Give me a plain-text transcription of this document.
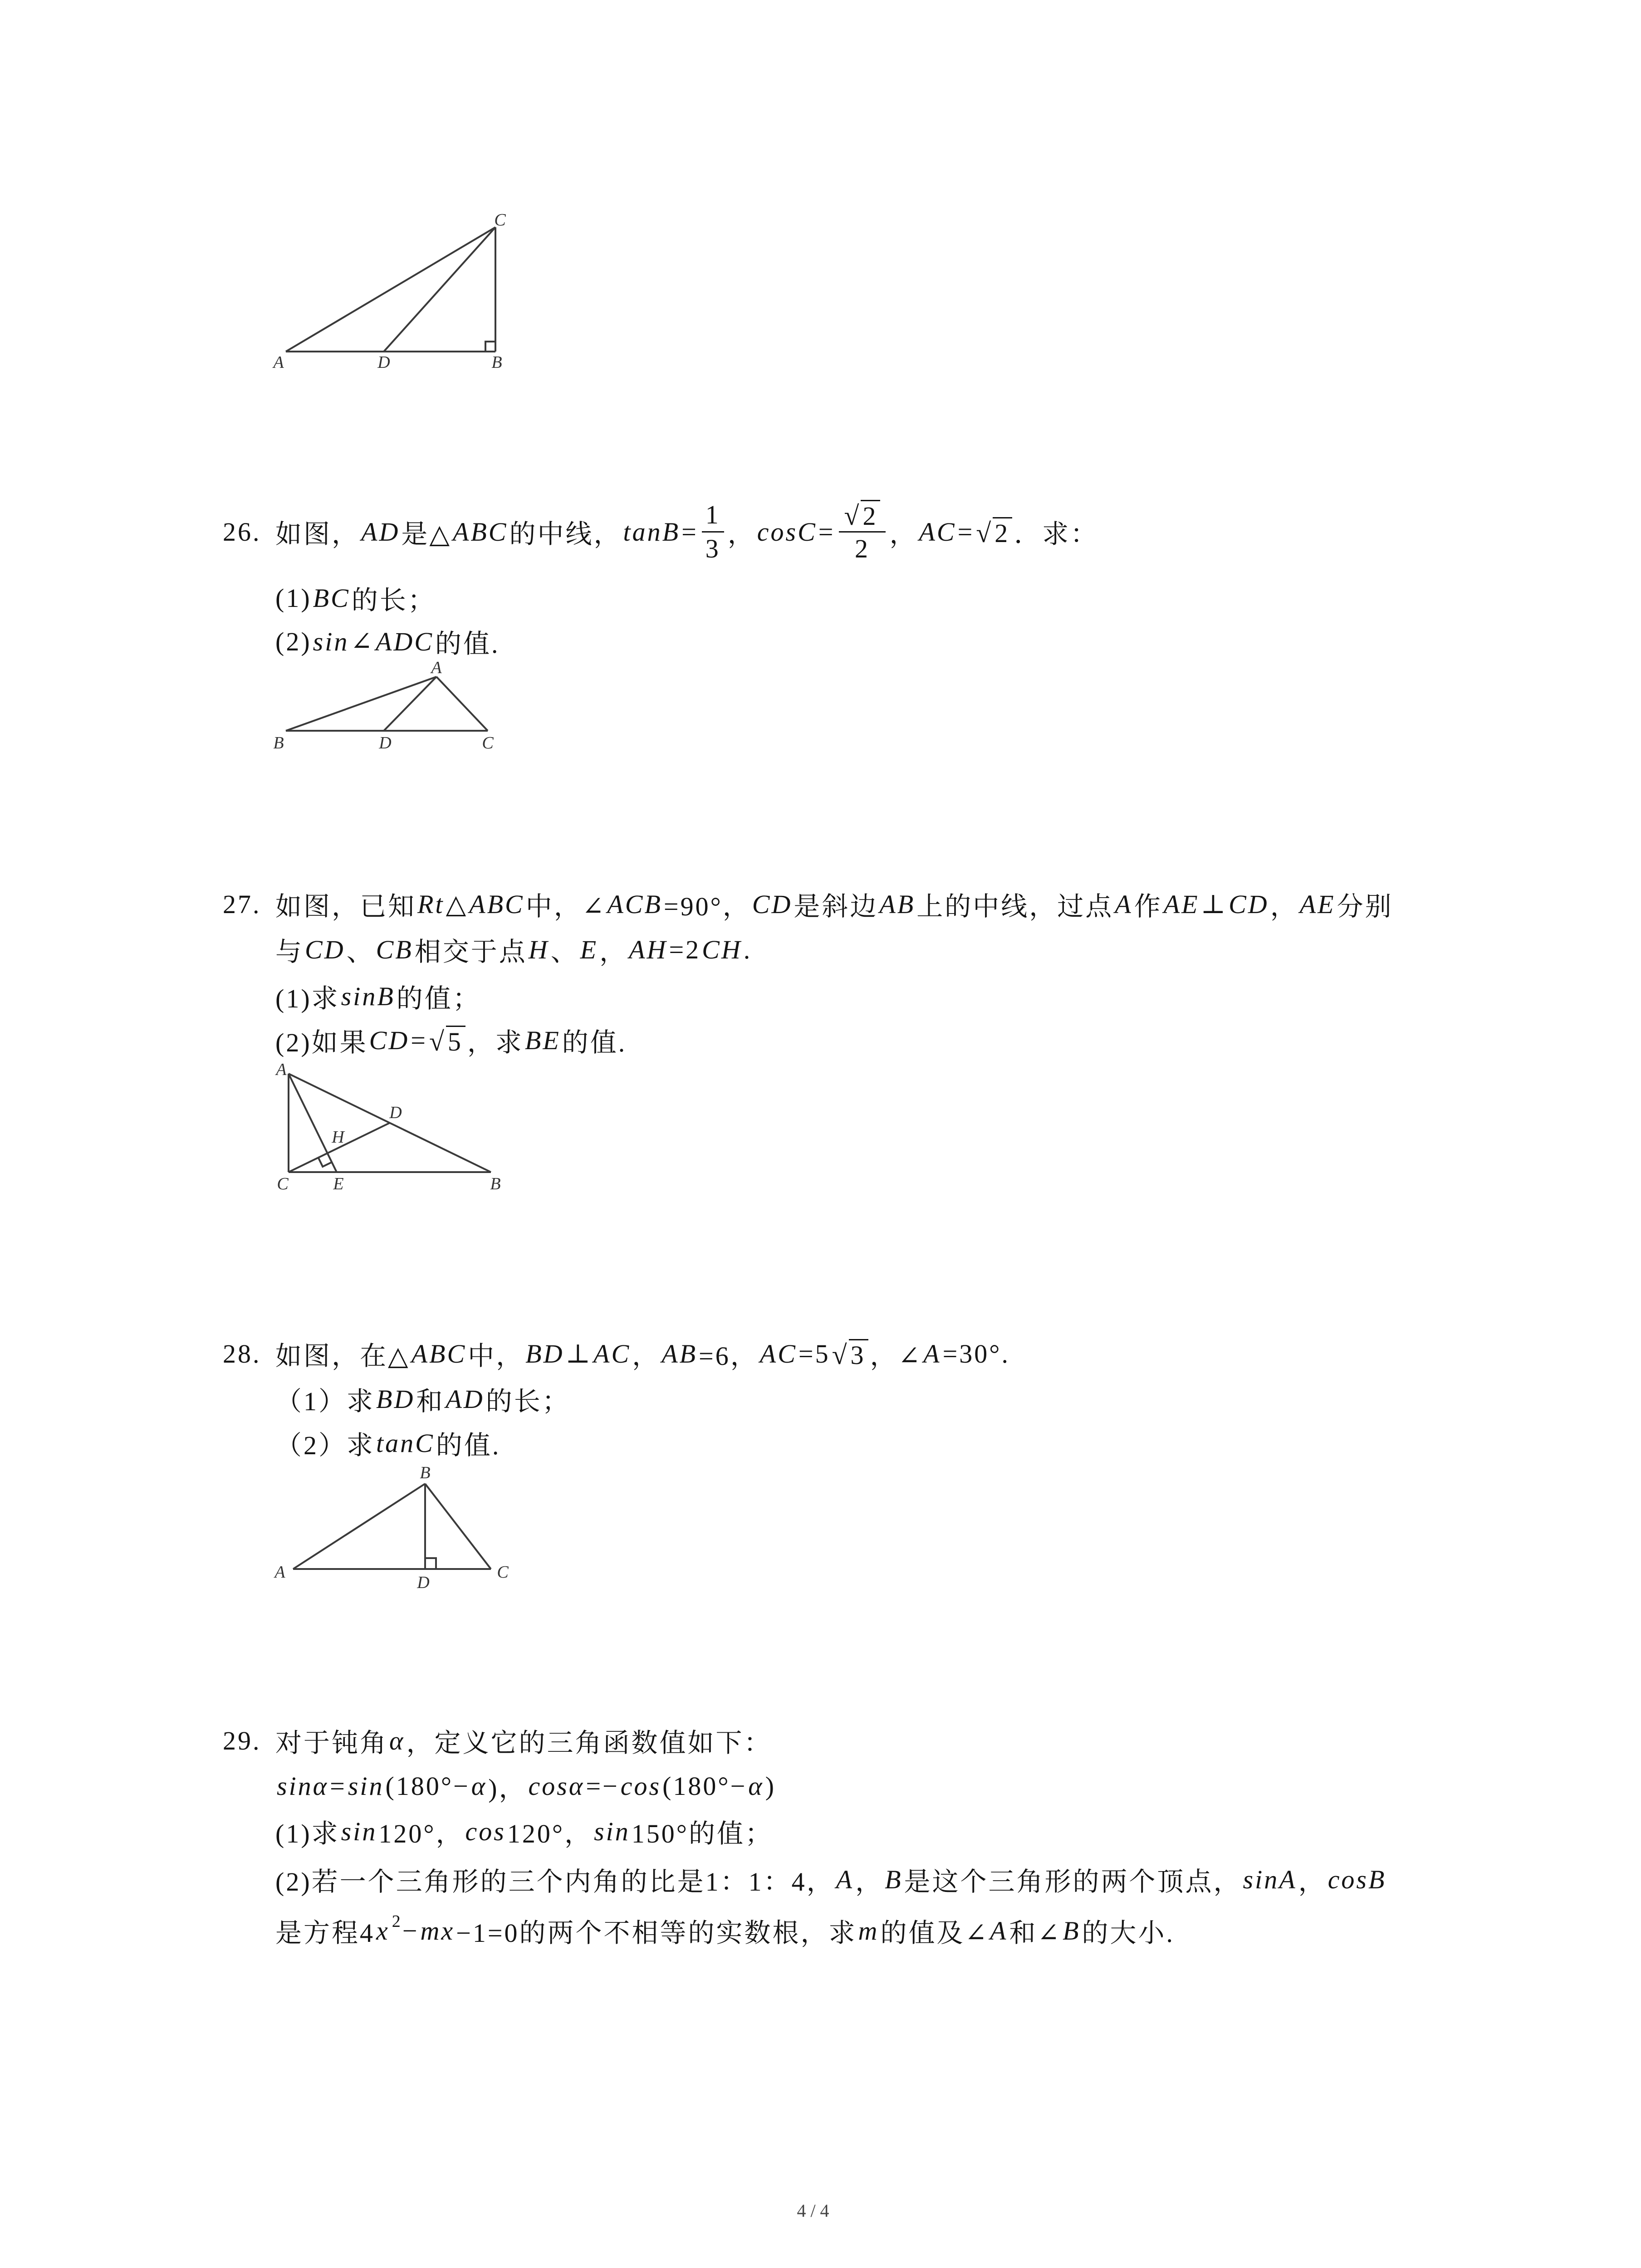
C
A	D	B
26. 如图， AD 是△ ABC 的中线， $\tan B = \frac{1}{3}$ ， $\cos C = \frac{√ 2}{2}$ ， AC = √ 2 ．求：
(1) BC 的长；
(2) sin ∠ ADC 的值.
A
B	D	C
27. 如图，已知 Rt △ ABC 中，∠ ACB =90°， CD 是斜边 AB 上的中线，过点 A 作 AE ⊥ CD ， AE 分别
与 CD 、 CB 相交于点 H 、 E ， AH =2 CH .
(1)求 sinB 的值；
(2)如果 CD = √ 5 ，求 BE 的值.
A
D
H
C	E	B
28. 如图，在△ ABC 中， BD ⊥ AC ， AB =6， AC =5 √ 3 ，∠ A =30°.
（1）求 BD 和 AD 的长；
（2）求 tanC 的值.
B
A
D
C
29. 对于钝角 α ，定义它的三角函数值如下：
sinα = sin (180°− α )， cosα =− cos (180°− α )
(1)求 sin 120°， cos 120°， sin 150°的值；
(2)若一个三角形的三个内角的比是1：1：4， A ， B 是这个三角形的两个顶点， sinA ， cosB
是方程4 x 2 − mx −1=0的两个不相等的实数根，求 m 的值及∠ A 和∠ B 的大小.
4 / 4
